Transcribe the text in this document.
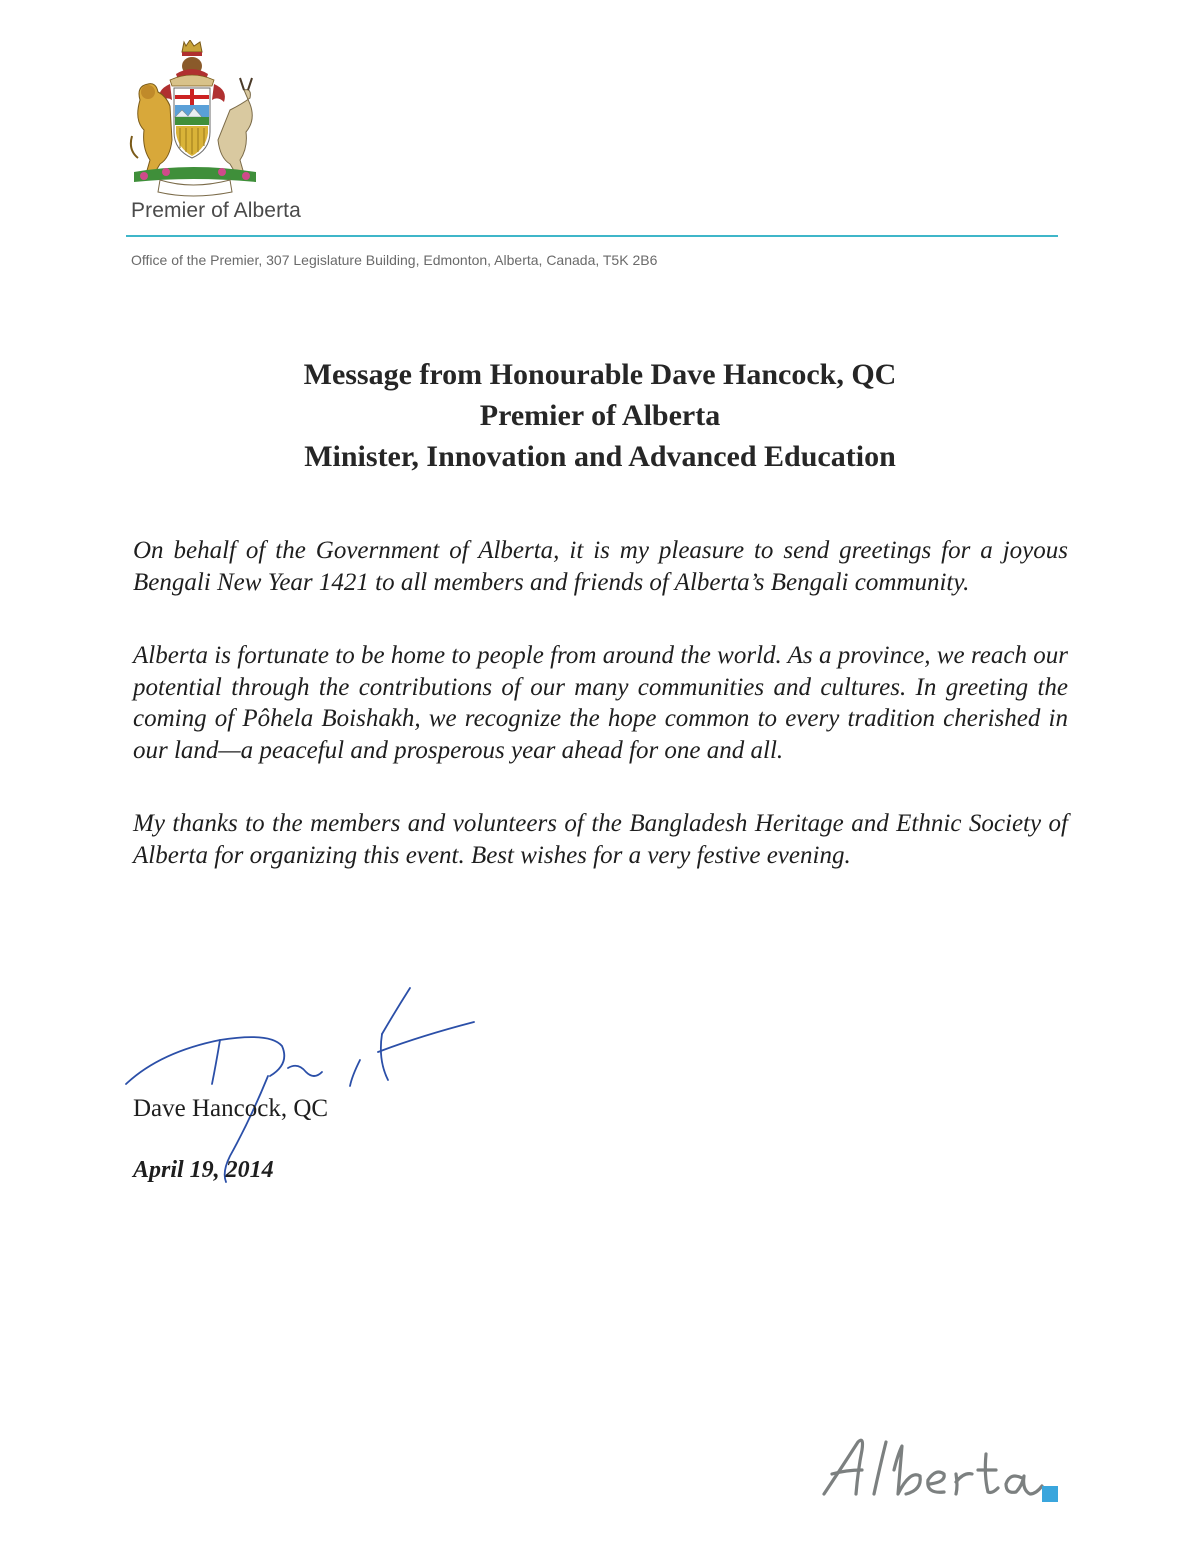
Premier of Alberta
Office of the Premier, 307 Legislature Building, Edmonton, Alberta, Canada, T5K 2B6
Message from Honourable Dave Hancock, QC
Premier of Alberta
Minister, Innovation and Advanced Education

On behalf of the Government of Alberta, it is my pleasure to send greetings for a joyous Bengali New Year 1421 to all members and friends of Alberta’s Bengali community.

Alberta is fortunate to be home to people from around the world. As a province, we reach our potential through the contributions of our many communities and cultures. In greeting the coming of Pôhela Boishakh, we recognize the hope common to every tradition cherished in our land—a peaceful and prosperous year ahead for one and all.

My thanks to the members and volunteers of the Bangladesh Heritage and Ethnic Society of Alberta for organizing this event. Best wishes for a very festive evening.

Dave Hancock, QC
April 19, 2014
